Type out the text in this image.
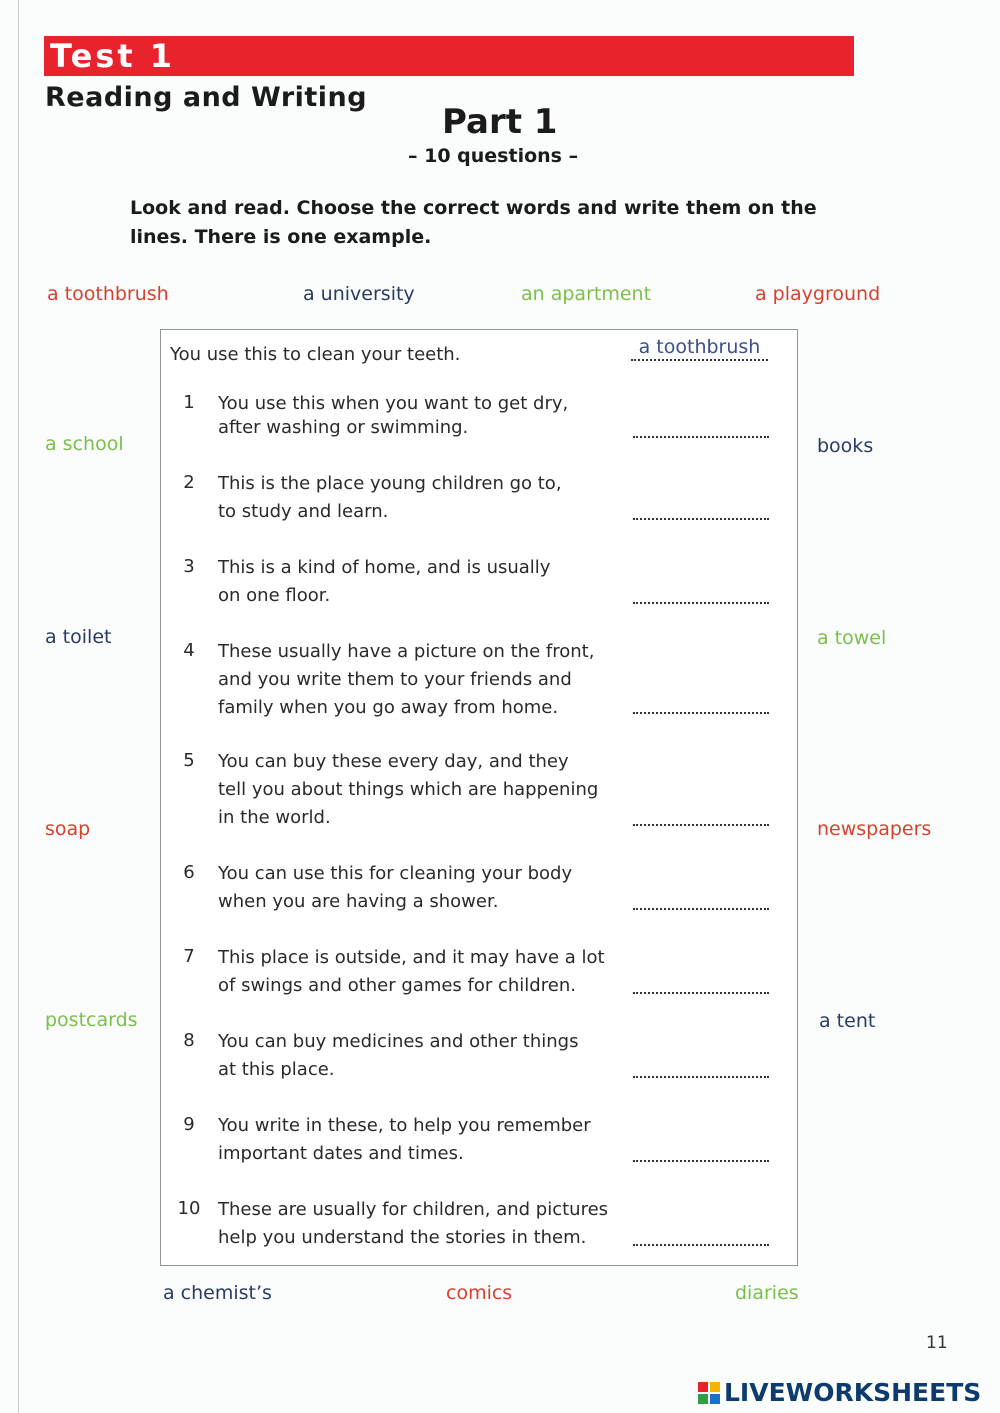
Test 1
Reading and Writing
Part 1
– 10 questions –
Look and read. Choose the correct words and write them on the lines. There is one example.
a toothbrush	a university	an apartment	a playground
a school	books
a toilet	a towel
soap	newspapers
postcards	a tent
a chemist’s	comics	diaries
You use this to clean your teeth.	a toothbrush
1	You use this when you want to get dry,
after washing or swimming.
2	This is the place young children go to,
to study and learn.
3	This is a kind of home, and is usually
on one floor.
4	These usually have a picture on the front,
and you write them to your friends and
family when you go away from home.
5	You can buy these every day, and they
tell you about things which are happening
in the world.
6	You can use this for cleaning your body
when you are having a shower.
7	This place is outside, and it may have a lot
of swings and other games for children.
8	You can buy medicines and other things
at this place.
9	You write in these, to help you remember
important dates and times.
10 These are usually for children, and pictures
help you understand the stories in them.
11
LIVEWORKSHEETS
